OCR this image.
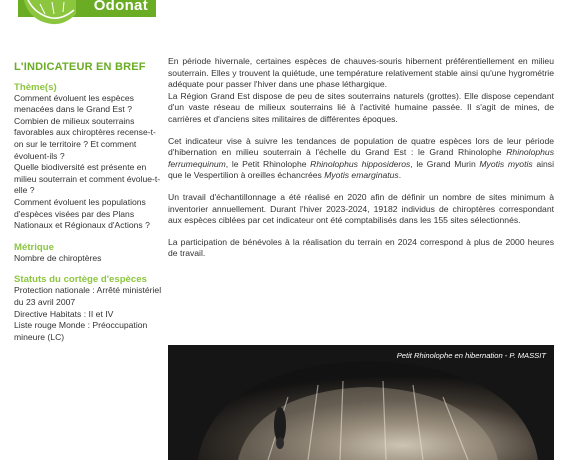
Odonat
L'INDICATEUR EN BREF

Thème(s)

Comment évoluent les espèces menacées dans le Grand Est ?

Combien de milieux souterrains favorables aux chiroptères recense-t-on sur le territoire ? Et comment évoluent-ils ?

Quelle biodiversité est présente en milieu souterrain et comment évolue-t-elle ?

Comment évoluent les populations d'espèces visées par des Plans Nationaux et Régionaux d'Actions ?

Métrique

Nombre de chiroptères

Statuts du cortège d'espèces

Protection nationale : Arrêté ministériel du 23 avril 2007

Directive Habitats : II et IV

Liste rouge Monde : Préoccupation mineure (LC)

En période hivernale, certaines espèces de chauves-souris hibernent préférentiellement en milieu souterrain. Elles y trouvent la quiétude, une température relativement stable ainsi qu'une hygrométrie adéquate pour passer l'hiver dans une phase léthargique.
La Région Grand Est dispose de peu de sites souterrains naturels (grottes). Elle dispose cependant d'un vaste réseau de milieux souterrains lié à l'activité humaine passée. Il s'agit de mines, de carrières et d'anciens sites militaires de différentes époques.

Cet indicateur vise à suivre les tendances de population de quatre espèces lors de leur période d'hibernation en milieu souterrain à l'échelle du Grand Est : le Grand Rhinolophe Rhinolophus ferrumequinum, le Petit Rhinolophe Rhinolophus hipposideros, le Grand Murin Myotis myotis ainsi que le Vespertilion à oreilles échancrées Myotis emarginatus.

Un travail d'échantillonnage a été réalisé en 2020 afin de définir un nombre de sites minimum à inventorier annuellement. Durant l'hiver 2023-2024, 19182 individus de chiroptères correspondant aux espèces ciblées par cet indicateur ont été comptabilisés dans les 155 sites sélectionnés.

La participation de bénévoles à la réalisation du terrain en 2024 correspond à plus de 2000 heures de travail.

Petit Rhinolophe en hibernation - P. MASSIT
